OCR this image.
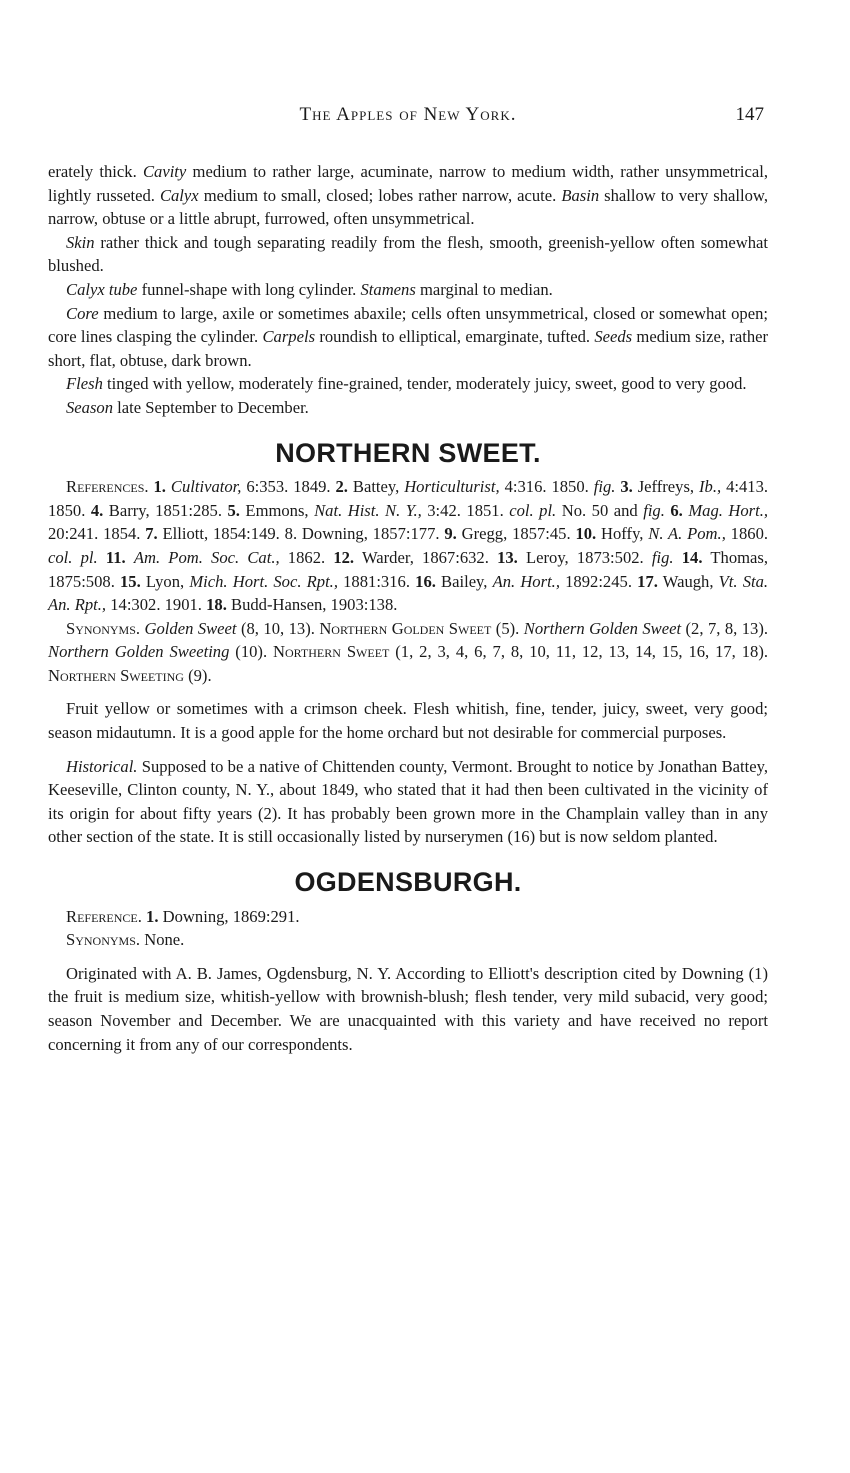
The Apples of New York.	147

erately thick. Cavity medium to rather large, acuminate, narrow to medium width, rather unsymmetrical, lightly russeted. Calyx medium to small, closed; lobes rather narrow, acute. Basin shallow to very shallow, narrow, obtuse or a little abrupt, furrowed, often unsymmetrical.

Skin rather thick and tough separating readily from the flesh, smooth, greenish-yellow often somewhat blushed.

Calyx tube funnel-shape with long cylinder. Stamens marginal to median.

Core medium to large, axile or sometimes abaxile; cells often unsymmetrical, closed or somewhat open; core lines clasping the cylinder. Carpels roundish to elliptical, emarginate, tufted. Seeds medium size, rather short, flat, obtuse, dark brown.

Flesh tinged with yellow, moderately fine-grained, tender, moderately juicy, sweet, good to very good.

Season late September to December.

NORTHERN SWEET.

References. 1. Cultivator, 6:353. 1849. 2. Battey, Horticulturist, 4:316. 1850. fig. 3. Jeffreys, Ib., 4:413. 1850. 4. Barry, 1851:285. 5. Emmons, Nat. Hist. N. Y., 3:42. 1851. col. pl. No. 50 and fig. 6. Mag. Hort., 20:241. 1854. 7. Elliott, 1854:149. 8. Downing, 1857:177. 9. Gregg, 1857:45. 10. Hoffy, N. A. Pom., 1860. col. pl. 11. Am. Pom. Soc. Cat., 1862. 12. Warder, 1867:632. 13. Leroy, 1873:502. fig. 14. Thomas, 1875:508. 15. Lyon, Mich. Hort. Soc. Rpt., 1881:316. 16. Bailey, An. Hort., 1892:245. 17. Waugh, Vt. Sta. An. Rpt., 14:302. 1901. 18. Budd-Hansen, 1903:138.

Synonyms. Golden Sweet (8, 10, 13). Northern Golden Sweet (5). Northern Golden Sweet (2, 7, 8, 13). Northern Golden Sweeting (10). Northern Sweet (1, 2, 3, 4, 6, 7, 8, 10, 11, 12, 13, 14, 15, 16, 17, 18). Northern Sweeting (9).

Fruit yellow or sometimes with a crimson cheek. Flesh whitish, fine, tender, juicy, sweet, very good; season midautumn. It is a good apple for the home orchard but not desirable for commercial purposes.

Historical. Supposed to be a native of Chittenden county, Vermont. Brought to notice by Jonathan Battey, Keeseville, Clinton county, N. Y., about 1849, who stated that it had then been cultivated in the vicinity of its origin for about fifty years (2). It has probably been grown more in the Champlain valley than in any other section of the state. It is still occasionally listed by nurserymen (16) but is now seldom planted.

OGDENSBURGH.

Reference. 1. Downing, 1869:291.

Synonyms. None.

Originated with A. B. James, Ogdensburg, N. Y. According to Elliott's description cited by Downing (1) the fruit is medium size, whitish-yellow with brownish-blush; flesh tender, very mild subacid, very good; season November and December. We are unacquainted with this variety and have received no report concerning it from any of our correspondents.
